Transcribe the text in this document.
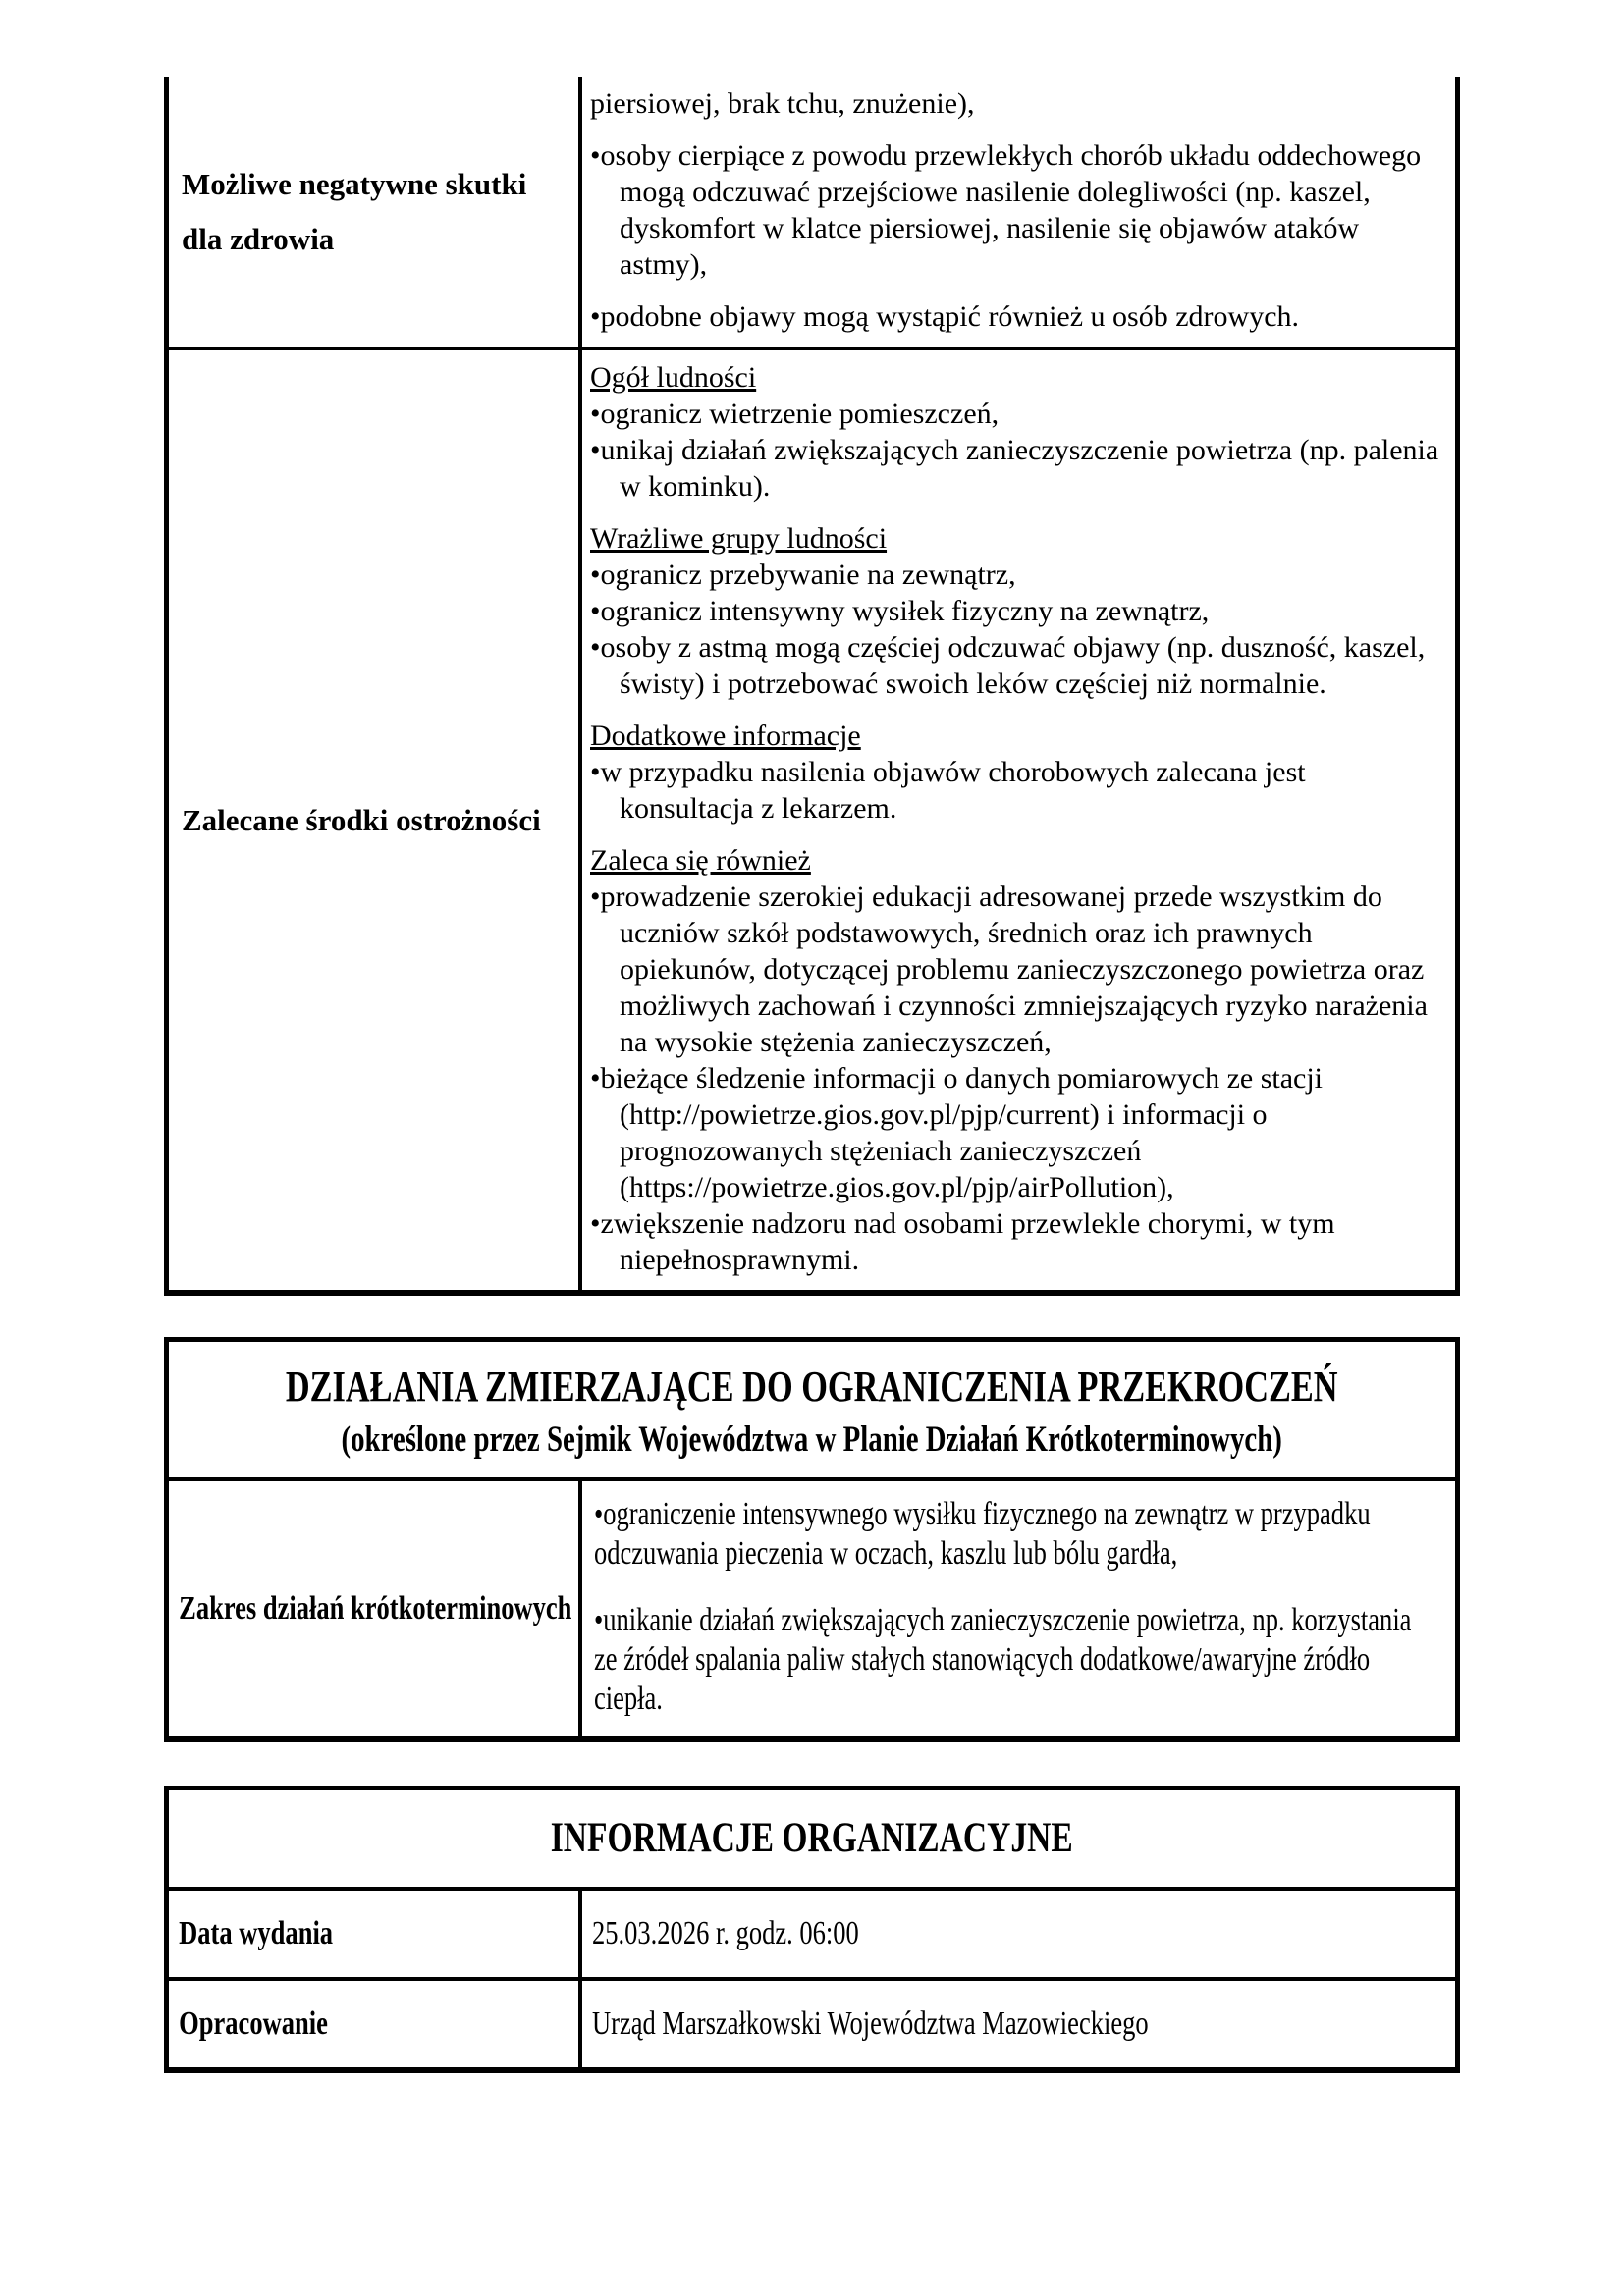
Możliwe negatywne skutki dla zdrowia
piersiowej, brak tchu, znużenie),
• osoby cierpiące z powodu przewlekłych chorób układu oddechowego mogą odczuwać przejściowe nasilenie dolegliwości (np. kaszel, dyskomfort w klatce piersiowej, nasilenie się objawów ataków astmy),
• podobne objawy mogą wystąpić również u osób zdrowych.
Zalecane środki ostrożności
Ogół ludności
• ogranicz wietrzenie pomieszczeń,
• unikaj działań zwiększających zanieczyszczenie powietrza (np. palenia w kominku).
Wrażliwe grupy ludności
• ogranicz przebywanie na zewnątrz,
• ogranicz intensywny wysiłek fizyczny na zewnątrz,
• osoby z astmą mogą częściej odczuwać objawy (np. duszność, kaszel, świsty) i potrzebować swoich leków częściej niż normalnie.
Dodatkowe informacje
• w przypadku nasilenia objawów chorobowych zalecana jest konsultacja z lekarzem.
Zaleca się również
• prowadzenie szerokiej edukacji adresowanej przede wszystkim do uczniów szkół podstawowych, średnich oraz ich prawnych opiekunów, dotyczącej problemu zanieczyszczonego powietrza oraz możliwych zachowań i czynności zmniejszających ryzyko narażenia na wysokie stężenia zanieczyszczeń,
• bieżące śledzenie informacji o danych pomiarowych ze stacji (http://powietrze.gios.gov.pl/pjp/current) i informacji o prognozowanych stężeniach zanieczyszczeń (https://powietrze.gios.gov.pl/pjp/airPollution),
• zwiększenie nadzoru nad osobami przewlekle chorymi, w tym niepełnosprawnymi.
DZIAŁANIA ZMIERZAJĄCE DO OGRANICZENIA PRZEKROCZEŃ
(określone przez Sejmik Województwa w Planie Działań Krótkoterminowych)
Zakres działań krótkoterminowych
• ograniczenie intensywnego wysiłku fizycznego na zewnątrz w przypadku odczuwania pieczenia w oczach, kaszlu lub bólu gardła,
• unikanie działań zwiększających zanieczyszczenie powietrza, np. korzystania ze źródeł spalania paliw stałych stanowiących dodatkowe/awaryjne źródło ciepła.
INFORMACJE ORGANIZACYJNE
Data wydania	25.03.2026 r. godz. 06:00
Opracowanie	Urząd Marszałkowski Województwa Mazowieckiego
